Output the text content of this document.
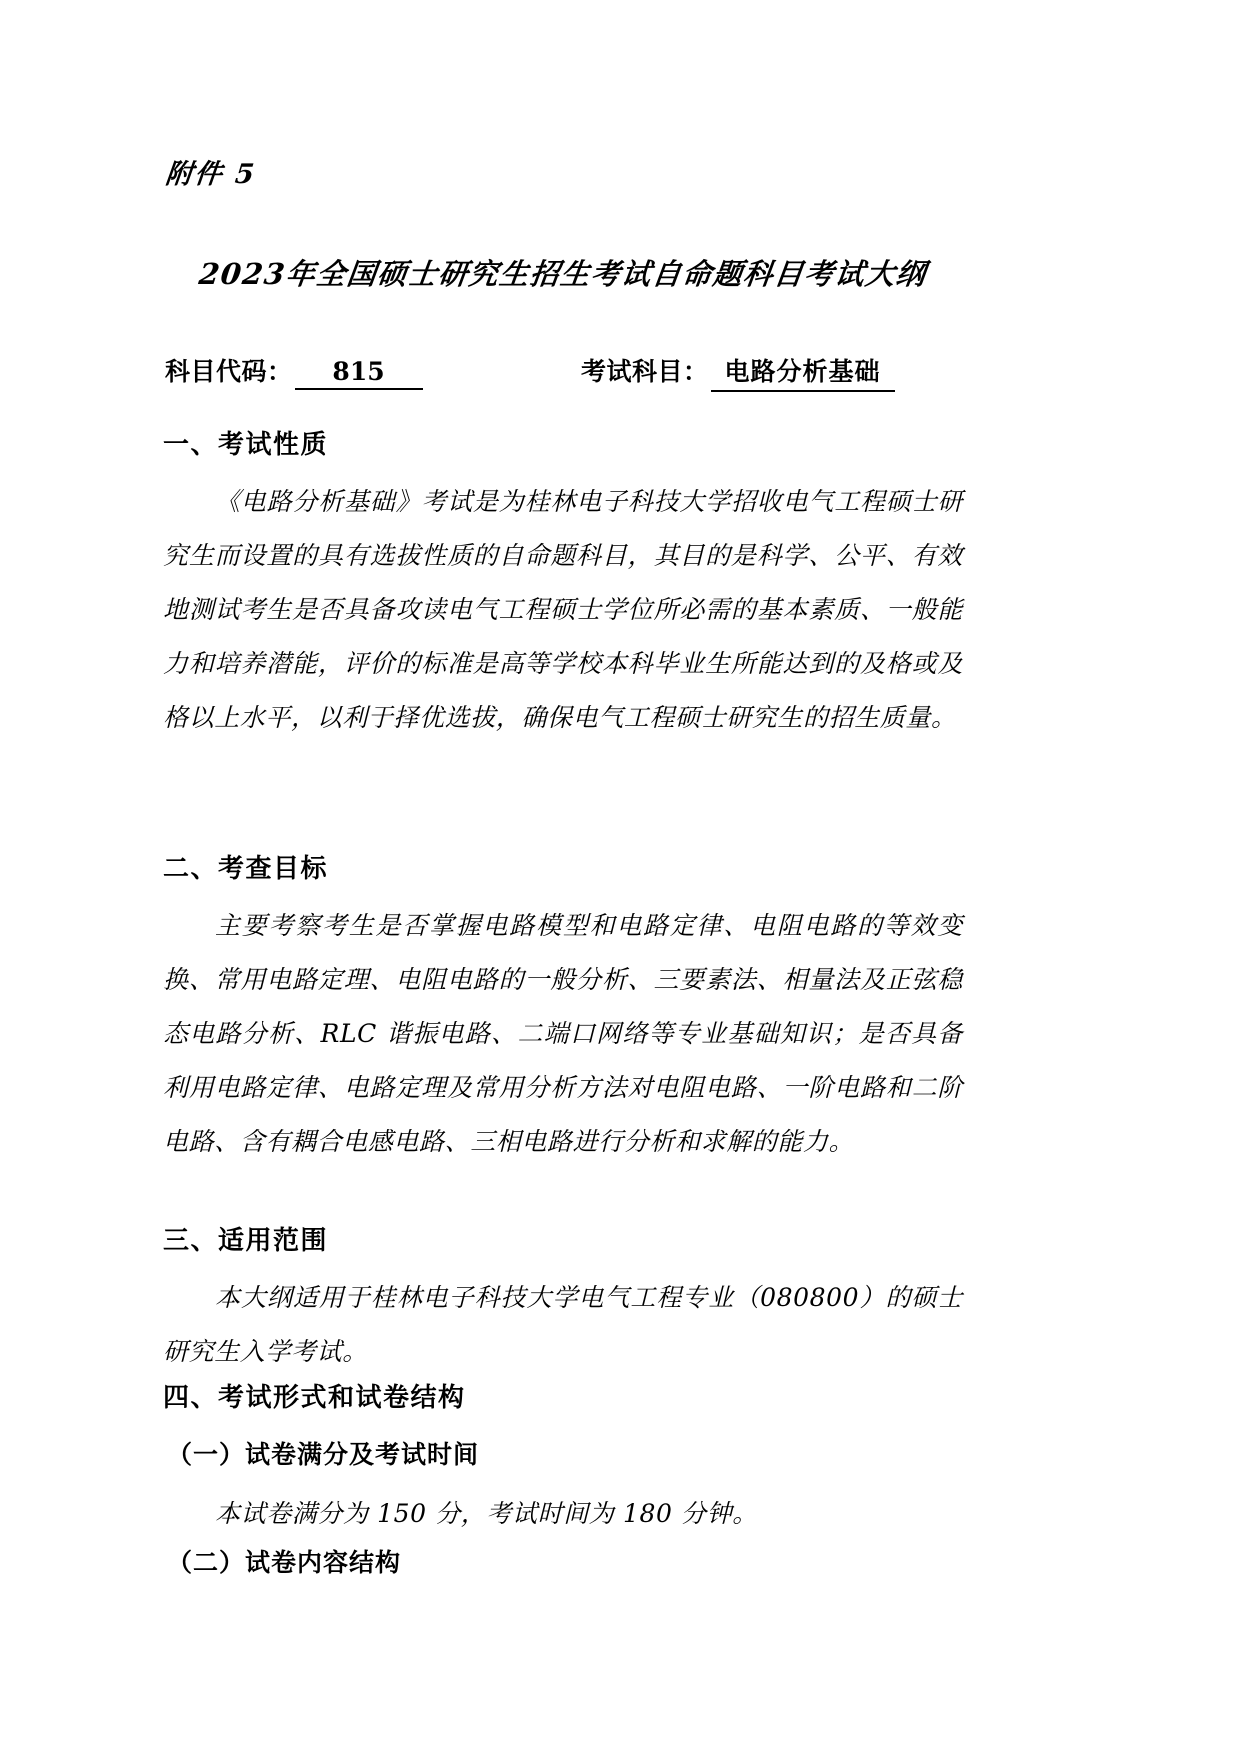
附件 5
2023年全国硕士研究生招生考试自命题科目考试大纲
科目代码：	815	考试科目： 电路分析基础
一、考试性质
《电路分析基础》考试是为桂林电子科技大学招收电气工程硕士研究生而设置的具有选拔性质的自命题科目，其目的是科学、公平、有效地测试考生是否具备攻读电气工程硕士学位所必需的基本素质、一般能力和培养潜能，评价的标准是高等学校本科毕业生所能达到的及格或及格以上水平，以利于择优选拔，确保电气工程硕士研究生的招生质量。
二、考查目标
主要考察考生是否掌握电路模型和电路定律、电阻电路的等效变换、常用电路定理、电阻电路的一般分析、三要素法、相量法及正弦稳态电路分析、RLC 谐振电路、二端口网络等专业基础知识；是否具备利用电路定律、电路定理及常用分析方法对电阻电路、一阶电路和二阶电路、含有耦合电感电路、三相电路进行分析和求解的能力。
三、适用范围
本大纲适用于桂林电子科技大学电气工程专业（080800）的硕士研究生入学考试。
四、考试形式和试卷结构
（一）试卷满分及考试时间
本试卷满分为 150 分，考试时间为 180 分钟。
（二）试卷内容结构
